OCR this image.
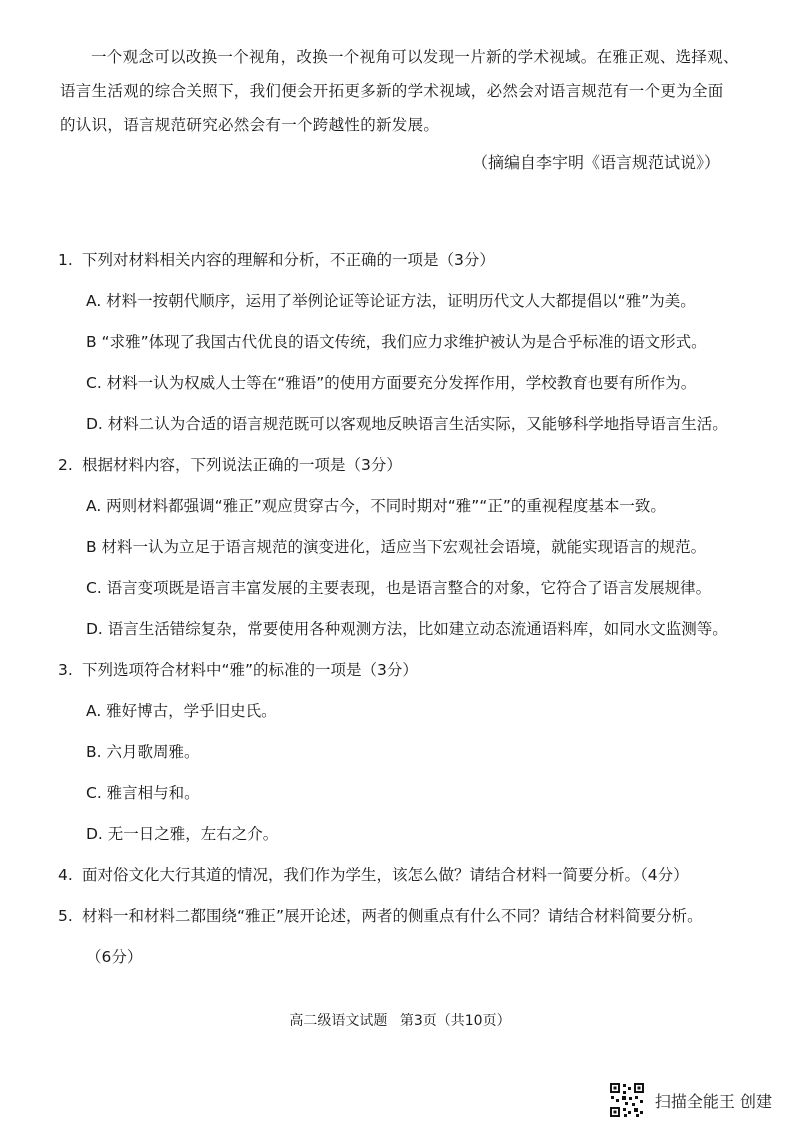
一个观念可以改换一个视角，改换一个视角可以发现一片新的学术视域。在雅正观、选择观、

语言生活观的综合关照下，我们便会开拓更多新的学术视域，必然会对语言规范有一个更为全面

的认识，语言规范研究必然会有一个跨越性的新发展。

（摘编自李宇明《语言规范试说》）
1. 下列对材料相关内容的理解和分析，不正确的一项是（3分）
A. 材料一按朝代顺序，运用了举例论证等论证方法，证明历代文人大都提倡以“雅”为美。
B “求雅”体现了我国古代优良的语文传统，我们应力求维护被认为是合乎标准的语文形式。
C. 材料一认为权威人士等在“雅语”的使用方面要充分发挥作用，学校教育也要有所作为。
D. 材料二认为合适的语言规范既可以客观地反映语言生活实际，又能够科学地指导语言生活。
2. 根据材料内容，下列说法正确的一项是（3分）
A. 两则材料都强调“雅正”观应贯穿古今，不同时期对“雅”“正”的重视程度基本一致。
B 材料一认为立足于语言规范的演变进化，适应当下宏观社会语境，就能实现语言的规范。
C. 语言变项既是语言丰富发展的主要表现，也是语言整合的对象，它符合了语言发展规律。
D. 语言生活错综复杂，常要使用各种观测方法，比如建立动态流通语料库，如同水文监测等。
3. 下列选项符合材料中“雅”的标准的一项是（3分）
A. 雅好博古，学乎旧史氏。
B. 六月歌周雅。
C. 雅言相与和。
D. 无一日之雅，左右之介。
4. 面对俗文化大行其道的情况，我们作为学生，该怎么做？请结合材料一简要分析。（4分）
5. 材料一和材料二都围绕“雅正”展开论述，两者的侧重点有什么不同？请结合材料简要分析。
（6分）
高二级语文试题 第3页（共10页）
扫描全能王 创建
